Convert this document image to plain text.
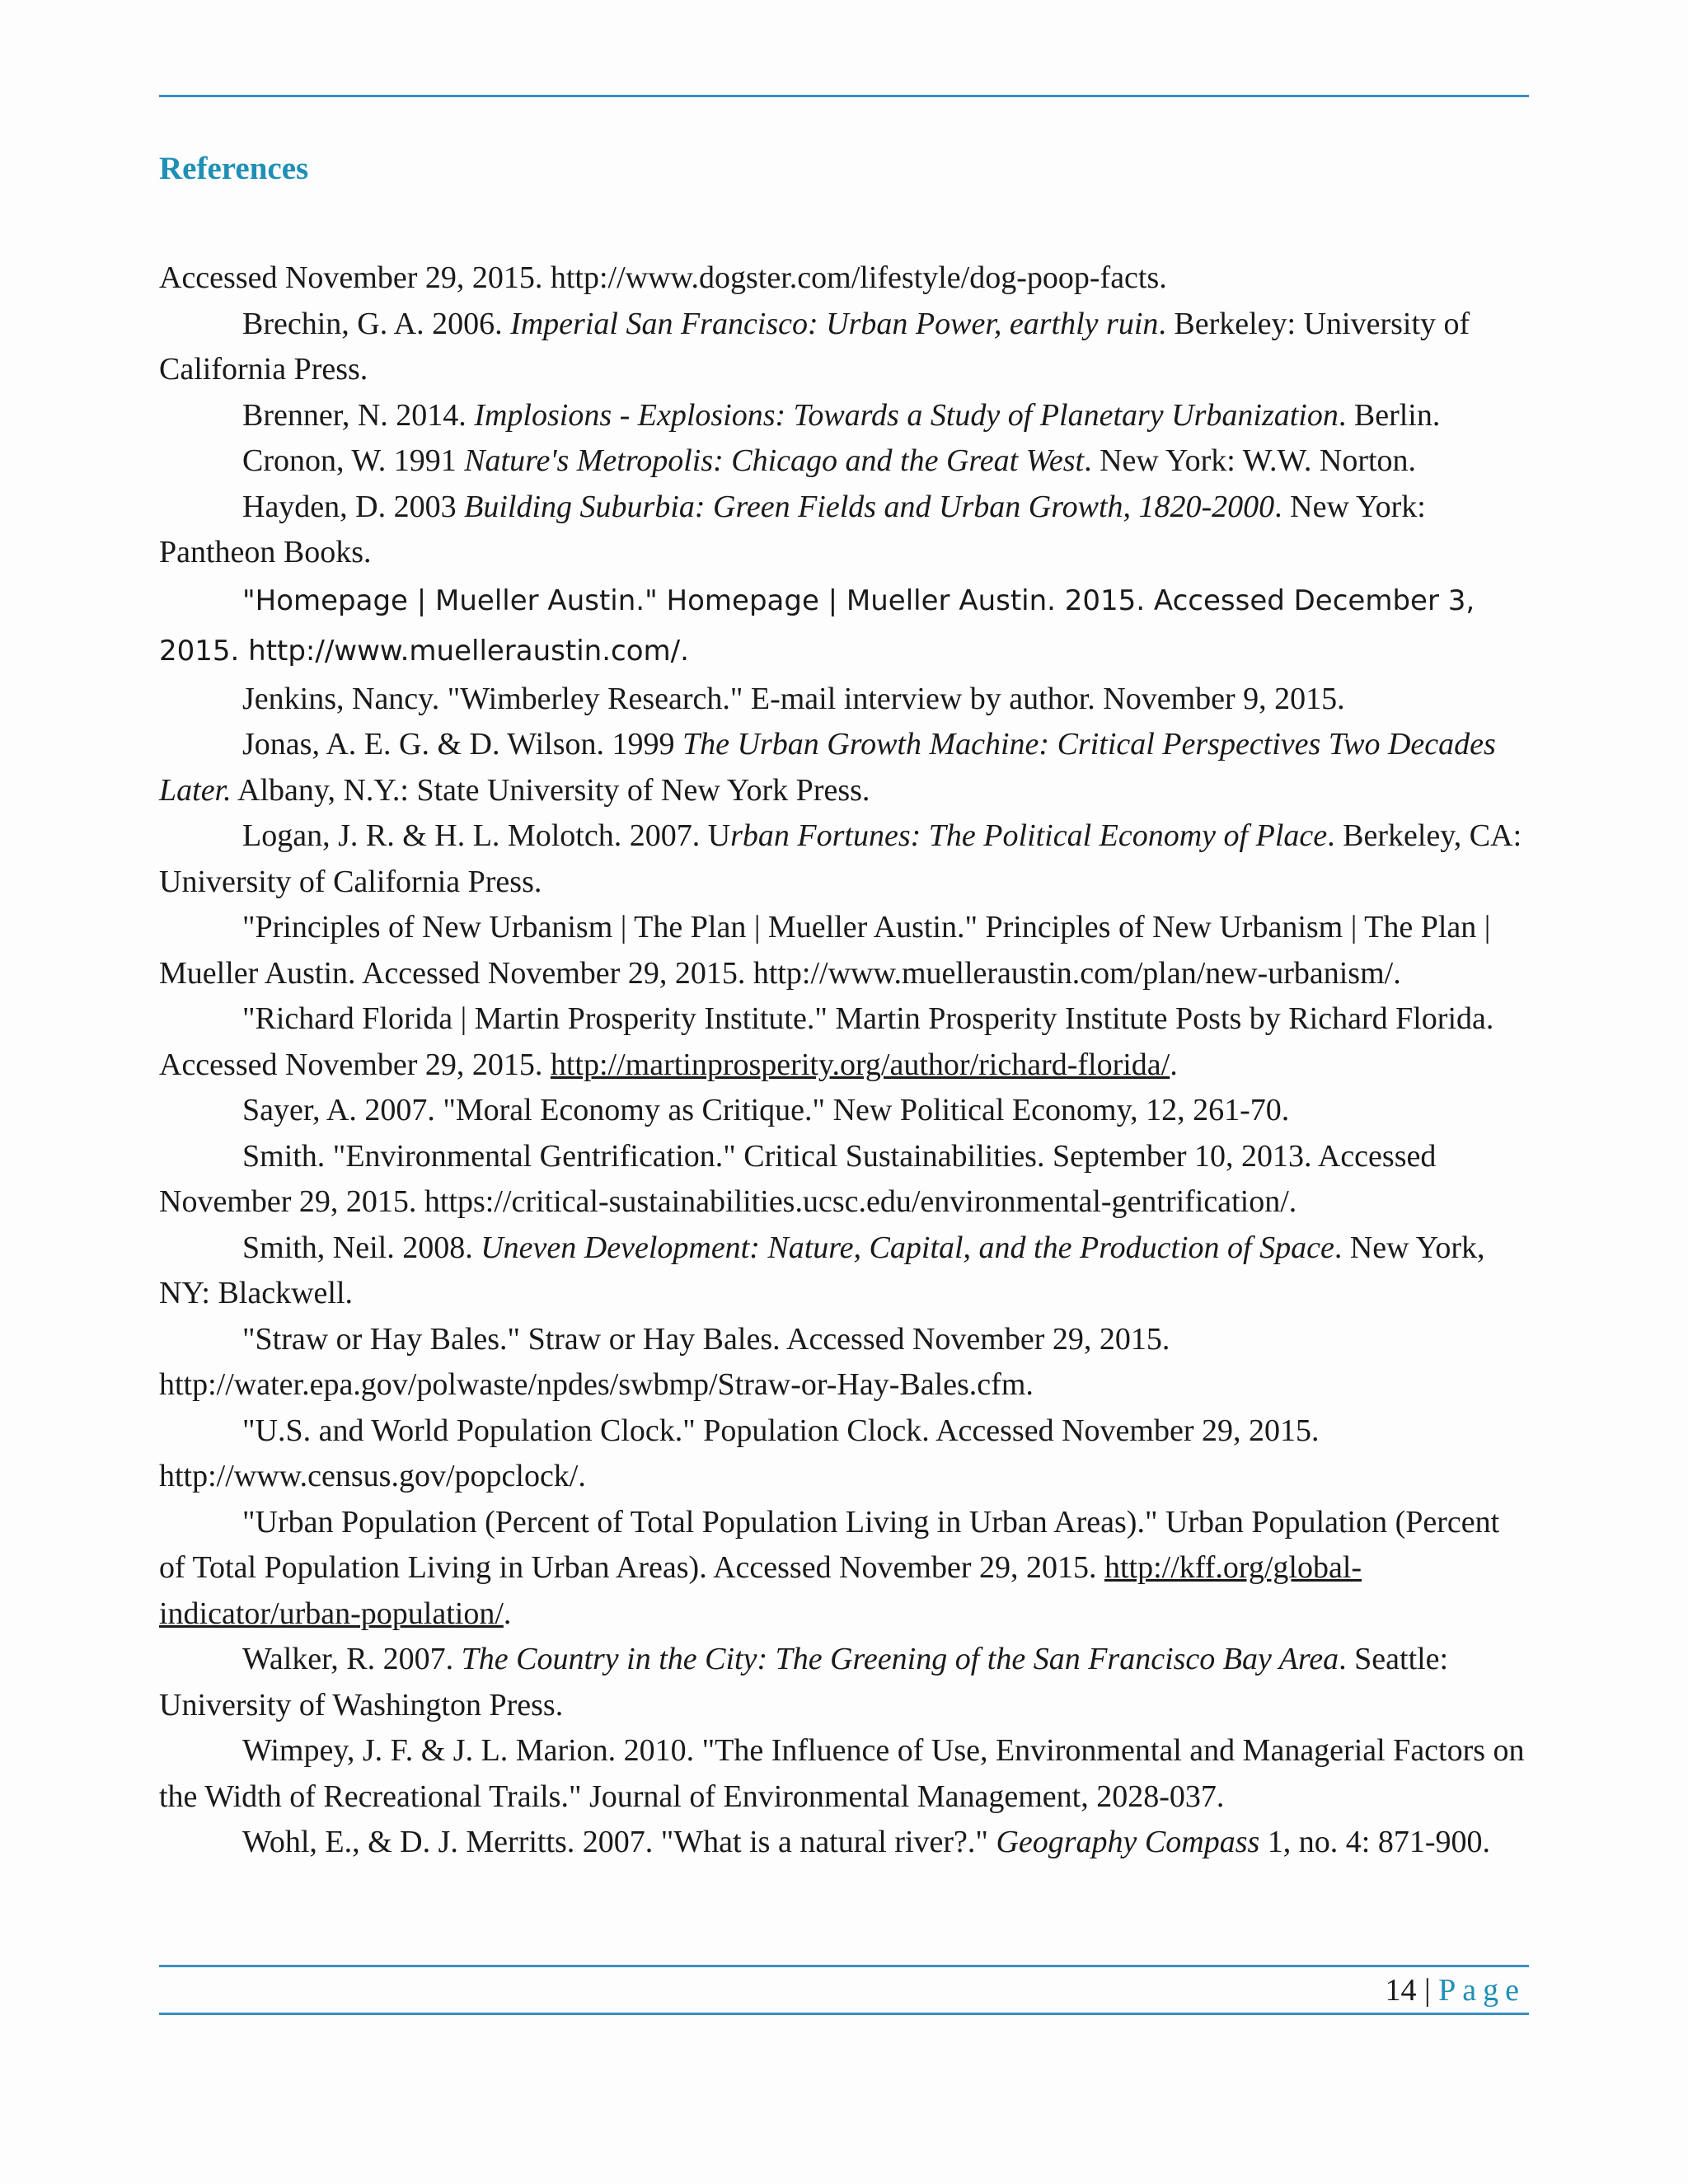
References

Accessed November 29, 2015. http://www.dogster.com/lifestyle/dog-poop-facts.

Brechin, G. A. 2006. Imperial San Francisco: Urban Power, earthly ruin. Berkeley: University of California Press.

Brenner, N. 2014. Implosions - Explosions: Towards a Study of Planetary Urbanization. Berlin.

Cronon, W. 1991 Nature's Metropolis: Chicago and the Great West. New York: W.W. Norton.

Hayden, D. 2003 Building Suburbia: Green Fields and Urban Growth, 1820-2000. New York: Pantheon Books.

"Homepage | Mueller Austin." Homepage | Mueller Austin. 2015. Accessed December 3, 2015. http://www.muelleraustin.com/.

Jenkins, Nancy. "Wimberley Research." E-mail interview by author. November 9, 2015.

Jonas, A. E. G. & D. Wilson. 1999 The Urban Growth Machine: Critical Perspectives Two Decades Later. Albany, N.Y.: State University of New York Press.

Logan, J. R. & H. L. Molotch. 2007. Urban Fortunes: The Political Economy of Place. Berkeley, CA: University of California Press.

"Principles of New Urbanism | The Plan | Mueller Austin." Principles of New Urbanism | The Plan | Mueller Austin. Accessed November 29, 2015. http://www.muelleraustin.com/plan/new-urbanism/.

"Richard Florida | Martin Prosperity Institute." Martin Prosperity Institute Posts by Richard Florida. Accessed November 29, 2015. http://martinprosperity.org/author/richard-florida/.

Sayer, A. 2007. "Moral Economy as Critique." New Political Economy, 12, 261-70.

Smith. "Environmental Gentrification." Critical Sustainabilities. September 10, 2013. Accessed November 29, 2015. https://critical-sustainabilities.ucsc.edu/environmental-gentrification/.

Smith, Neil. 2008. Uneven Development: Nature, Capital, and the Production of Space. New York, NY: Blackwell.

"Straw or Hay Bales." Straw or Hay Bales. Accessed November 29, 2015. http://water.epa.gov/polwaste/npdes/swbmp/Straw-or-Hay-Bales.cfm.

"U.S. and World Population Clock." Population Clock. Accessed November 29, 2015. http://www.census.gov/popclock/.

"Urban Population (Percent of Total Population Living in Urban Areas)." Urban Population (Percent of Total Population Living in Urban Areas). Accessed November 29, 2015. http://kff.org/global-indicator/urban-population/.

Walker, R. 2007. The Country in the City: The Greening of the San Francisco Bay Area. Seattle: University of Washington Press.

Wimpey, J. F. & J. L. Marion. 2010. "The Influence of Use, Environmental and Managerial Factors on the Width of Recreational Trails." Journal of Environmental Management, 2028-037.

Wohl, E., & D. J. Merritts. 2007. "What is a natural river?." Geography Compass 1, no. 4: 871-900.

14 | Page
